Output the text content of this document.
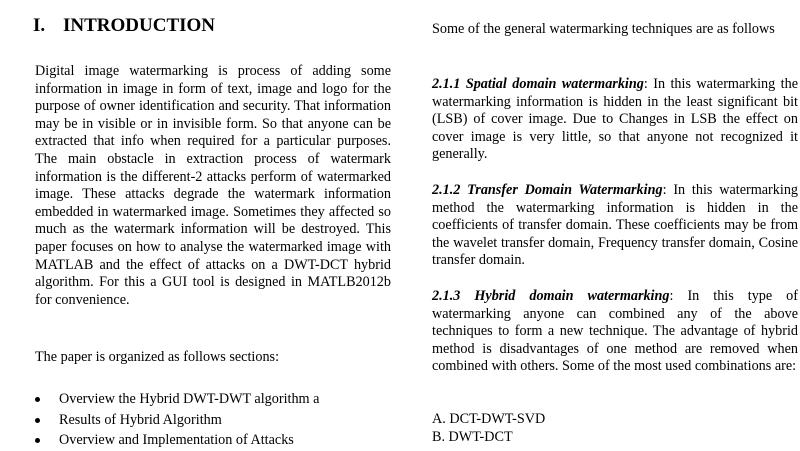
I. INTRODUCTION

Digital image watermarking is process of adding some information in image in form of text, image and logo for the purpose of owner identification and security. That information may be in visible or in invisible form. So that anyone can be extracted that info when required for a particular purposes. The main obstacle in extraction process of watermark information is the different-2 attacks perform of watermarked image. These attacks degrade the watermark information embedded in watermarked image. Sometimes they affected so much as the watermark information will be destroyed. This paper focuses on how to analyse the watermarked image with MATLAB and the effect of attacks on a DWT-DCT hybrid algorithm. For this a GUI tool is designed in MATLB2012b for convenience.

The paper is organized as follows sections:

Overview the Hybrid DWT-DWT algorithm a
Results of Hybrid Algorithm
Overview and Implementation of Attacks

Some of the general watermarking techniques are as follows

2.1.1 Spatial domain watermarking: In this watermarking the watermarking information is hidden in the least significant bit (LSB) of cover image. Due to Changes in LSB the effect on cover image is very little, so that anyone not recognized it generally.

2.1.2 Transfer Domain Watermarking: In this watermarking method the watermarking information is hidden in the coefficients of transfer domain. These coefficients may be from the wavelet transfer domain, Frequency transfer domain, Cosine transfer domain.

2.1.3 Hybrid domain watermarking: In this type of watermarking anyone can combined any of the above techniques to form a new technique. The advantage of hybrid method is disadvantages of one method are removed when combined with others. Some of the most used combinations are:

A. DCT-DWT-SVD
B. DWT-DCT
